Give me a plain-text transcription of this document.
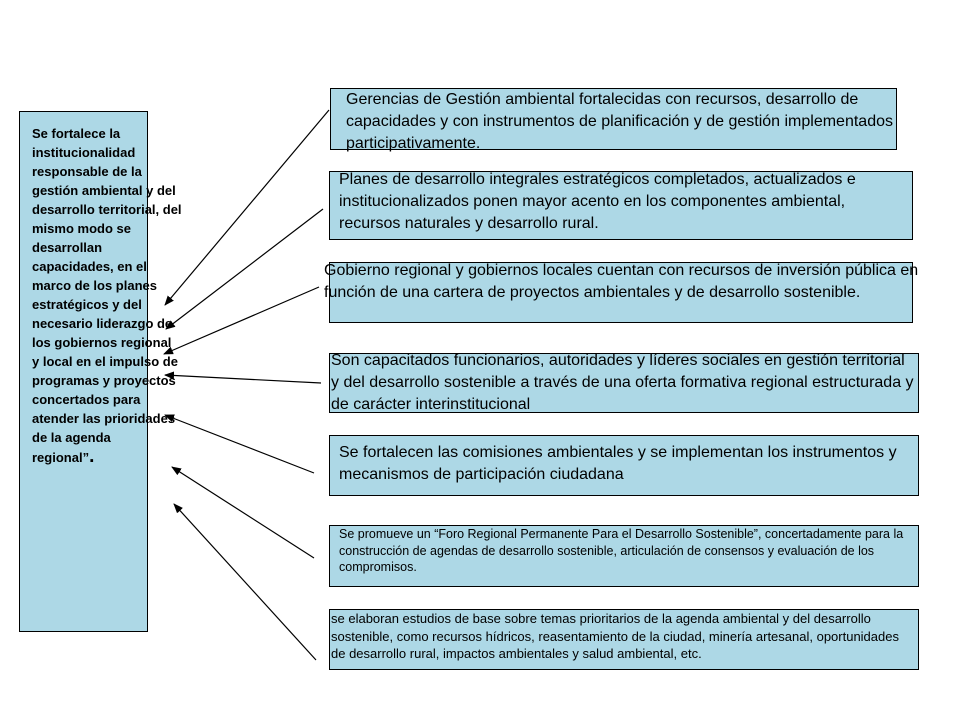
Se fortalece la institucionalidad responsable de la gestión ambiental y del desarrollo territorial, del mismo modo se desarrollan capacidades, en el marco de los planes estratégicos y del necesario liderazgo de los gobiernos regional y local en el impulso de programas y proyectos concertados para atender las prioridades de la agenda
regional”.
Gerencias de Gestión ambiental fortalecidas con recursos, desarrollo de capacidades y con instrumentos de planificación y de gestión implementados participativamente.
Planes de desarrollo integrales estratégicos completados, actualizados e institucionalizados ponen mayor acento en los componentes ambiental, recursos naturales y desarrollo rural.
Gobierno regional y gobiernos locales cuentan con recursos de inversión pública en función de una cartera de proyectos ambientales y de desarrollo sostenible.
Son capacitados funcionarios, autoridades y líderes sociales en gestión territorial y del desarrollo sostenible a través de una oferta formativa regional estructurada y de carácter interinstitucional
Se fortalecen las comisiones ambientales y se implementan los instrumentos y mecanismos de participación ciudadana
Se promueve un “Foro Regional Permanente Para el Desarrollo Sostenible”, concertadamente para la construcción de agendas de desarrollo sostenible, articulación de consensos y evaluación de los compromisos.
se elaboran estudios de base sobre temas prioritarios de la agenda ambiental y del desarrollo sostenible, como recursos hídricos, reasentamiento de la ciudad, minería artesanal, oportunidades de desarrollo rural, impactos ambientales y salud ambiental, etc.
